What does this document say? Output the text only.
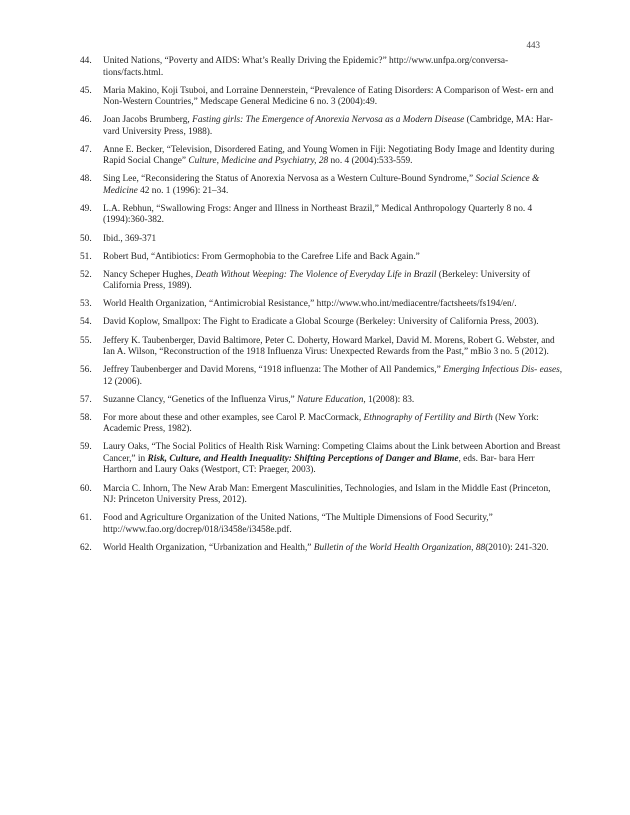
443
44. United Nations, “Poverty and AIDS: What’s Really Driving the Epidemic?” http://www.unfpa.org/conversa- tions/facts.html.
45. Maria Makino, Koji Tsuboi, and Lorraine Dennerstein, “Prevalence of Eating Disorders: A Comparison of West- ern and Non-Western Countries,” Medscape General Medicine 6 no. 3 (2004):49.
46. Joan Jacobs Brumberg, Fasting girls: The Emergence of Anorexia Nervosa as a Modern Disease (Cambridge, MA: Har- vard University Press, 1988).
47. Anne E. Becker, “Television, Disordered Eating, and Young Women in Fiji: Negotiating Body Image and Identity during Rapid Social Change” Culture, Medicine and Psychiatry, 28 no. 4 (2004):533-559.
48. Sing Lee, “Reconsidering the Status of Anorexia Nervosa as a Western Culture-Bound Syndrome,” Social Science & Medicine 42 no. 1 (1996): 21–34.
49. L.A. Rebhun, “Swallowing Frogs: Anger and Illness in Northeast Brazil,” Medical Anthropology Quarterly 8 no. 4 (1994):360-382.
50. Ibid., 369-371
51. Robert Bud, “Antibiotics: From Germophobia to the Carefree Life and Back Again.”
52. Nancy Scheper Hughes, Death Without Weeping: The Violence of Everyday Life in Brazil (Berkeley: University of California Press, 1989).
53. World Health Organization, “Antimicrobial Resistance,” http://www.who.int/mediacentre/factsheets/fs194/en/.
54. David Koplow, Smallpox: The Fight to Eradicate a Global Scourge (Berkeley: University of California Press, 2003).
55. Jeffery K. Taubenberger, David Baltimore, Peter C. Doherty, Howard Markel, David M. Morens, Robert G. Webster, and Ian A. Wilson, “Reconstruction of the 1918 Influenza Virus: Unexpected Rewards from the Past,” mBio 3 no. 5 (2012).
56. Jeffrey Taubenberger and David Morens, “1918 influenza: The Mother of All Pandemics,” Emerging Infectious Dis- eases, 12 (2006).
57. Suzanne Clancy, “Genetics of the Influenza Virus,” Nature Education, 1(2008): 83.
58. For more about these and other examples, see Carol P. MacCormack, Ethnography of Fertility and Birth (New York: Academic Press, 1982).
59. Laury Oaks, “The Social Politics of Health Risk Warning: Competing Claims about the Link between Abortion and Breast Cancer,” in Risk, Culture, and Health Inequality: Shifting Perceptions of Danger and Blame, eds. Bar- bara Herr Harthorn and Laury Oaks (Westport, CT: Praeger, 2003).
60. Marcia C. Inhorn, The New Arab Man: Emergent Masculinities, Technologies, and Islam in the Middle East (Princeton, NJ: Princeton University Press, 2012).
61. Food and Agriculture Organization of the United Nations, “The Multiple Dimensions of Food Security,” http://www.fao.org/docrep/018/i3458e/i3458e.pdf.
62. World Health Organization, “Urbanization and Health,” Bulletin of the World Health Organization, 88(2010): 241-320.
